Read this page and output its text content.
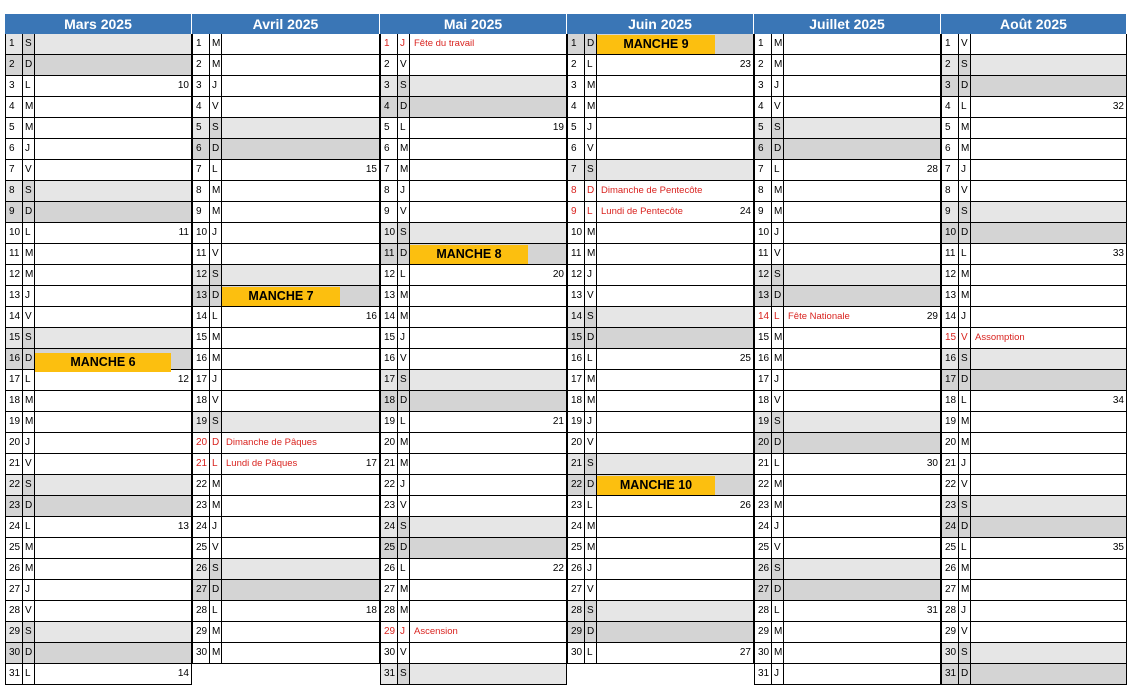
Mars 2025
1	S
2	D
3	L	10
4	M
5	M
6	J
7	V
8	S
9	D
10 L	11
11 M
12 M
13 J
14 V
15 S
16 D	MANCHE 6
17 L	12
18 M
19 M
20 J
21 V
22 S
23 D
24 L	13
25 M
26 M
27 J
28 V
29 S
30 D
31 L	14
Avril 2025
1	M
2	M
3	J
4	V
5	S
6	D
7	L	15
8	M
9	M
10 J
11 V
12 S
13 D	MANCHE 7
14 L	16
15 M
16 M
17 J
18 V
19 S
20 D Dimanche de Pâques
21 L Lundi de Pâques	17
22 M
23 M
24 J
25 V
26 S
27 D
28 L	18
29 M
30 M
Mai 2025
1	J Fête du travail
2	V
3	S
4	D
5	L	19
6	M
7	M
8	J
9	V
10 S
11 D	MANCHE 8
12 L	20
13 M
14 M
15 J
16 V
17 S
18 D
19 L	21
20 M
21 M
22 J
23 V
24 S
25 D
26 L	22
27 M
28 M
29 J Ascension
30 V
31 S
Juin 2025
1	D	MANCHE 9
2	L	23
3	M
4	M
5	J
6	V
7	S
8	D Dimanche de Pentecôte
9	L Lundi de Pentecôte	24
10 M
11 M
12 J
13 V
14 S
15 D
16 L	25
17 M
18 M
19 J
20 V
21 S
22 D	MANCHE 10
23 L	26
24 M
25 M
26 J
27 V
28 S
29 D
30 L	27
Juillet 2025
1	M
2	M
3	J
4	V
5	S
6	D
7	L	28
8	M
9	M
10 J
11 V
12 S
13 D
14 L Fête Nationale	29
15 M
16 M
17 J
18 V
19 S
20 D
21 L	30
22 M
23 M
24 J
25 V
26 S
27 D
28 L	31
29 M
30 M
31 J
Août 2025
1	V
2	S
3	D
4	L	32
5	M
6	M
7	J
8	V
9	S
10 D
11 L	33
12 M
13 M
14 J
15 V Assomption
16 S
17 D
18 L	34
19 M
20 M
21 J
22 V
23 S
24 D
25 L	35
26 M
27 M
28 J
29 V
30 S
31 D
